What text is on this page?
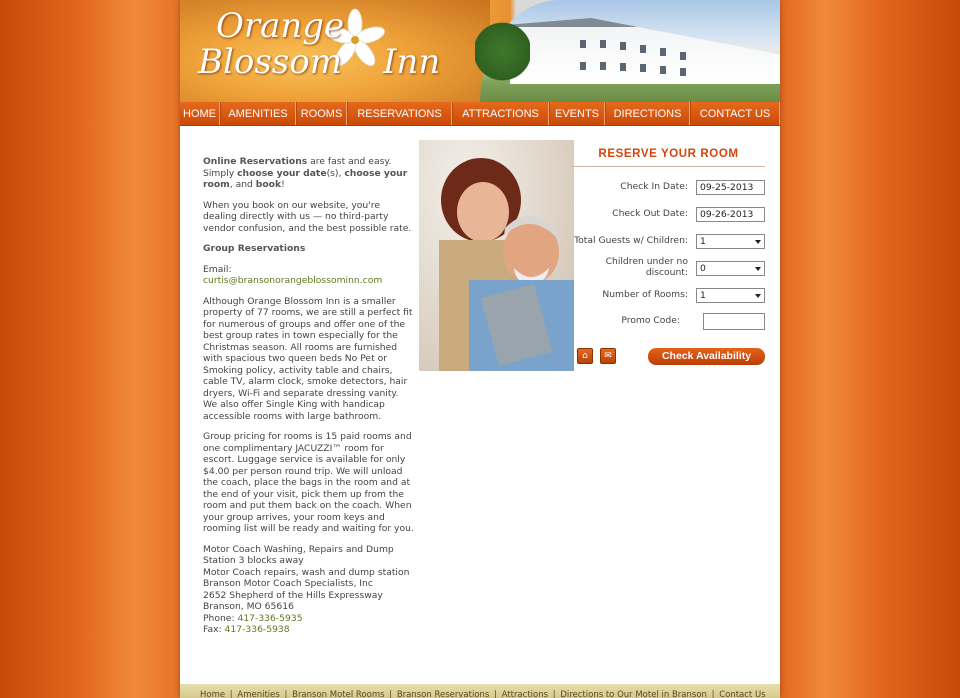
Orange
Blossom Inn
HOME	AMENITIES	ROOMS	RESERVATIONS	ATTRACTIONS	EVENTS	DIRECTIONS	CONTACT US

Online Reservations are fast and easy. Simply choose your date(s), choose your room, and book!

When you book on our website, you're dealing directly with us — no third-party vendor confusion, and the best possible rate.

Group Reservations

Email:
curtis@bransonorangeblossominn.com

Although Orange Blossom Inn is a smaller property of 77 rooms, we are still a perfect fit for numerous of groups and offer one of the best group rates in town especially for the Christmas season. All rooms are furnished with spacious two queen beds No Pet or Smoking policy, activity table and chairs, cable TV, alarm clock, smoke detectors, hair dryers, Wi-Fi and separate dressing vanity. We also offer Single King with handicap accessible rooms with large bathroom.

Group pricing for rooms is 15 paid rooms and one complimentary JACUZZI™ room for escort. Luggage service is available for only $4.00 per person round trip. We will unload the coach, place the bags in the room and at the end of your visit, pick them up from the room and put them back on the coach. When your group arrives, your room keys and rooming list will be ready and waiting for you.

Motor Coach Washing, Repairs and Dump Station 3 blocks away
Motor Coach repairs, wash and dump station
Branson Motor Coach Specialists, Inc
2652 Shepherd of the Hills Expressway
Branson, MO 65616
Phone: 417-336-5935
Fax: 417-336-5938

RESERVE YOUR ROOM
Check In Date:	09-25-2013
Check Out Date:	09-26-2013
Total Guests w/ Children:	1
Children under no discount:	0
Number of Rooms:	1
Promo Code:
⌂	✉	Check Availability
Home | Amenities | Branson Motel Rooms | Branson Reservations | Attractions | Directions to Our Motel in Branson | Contact Us
